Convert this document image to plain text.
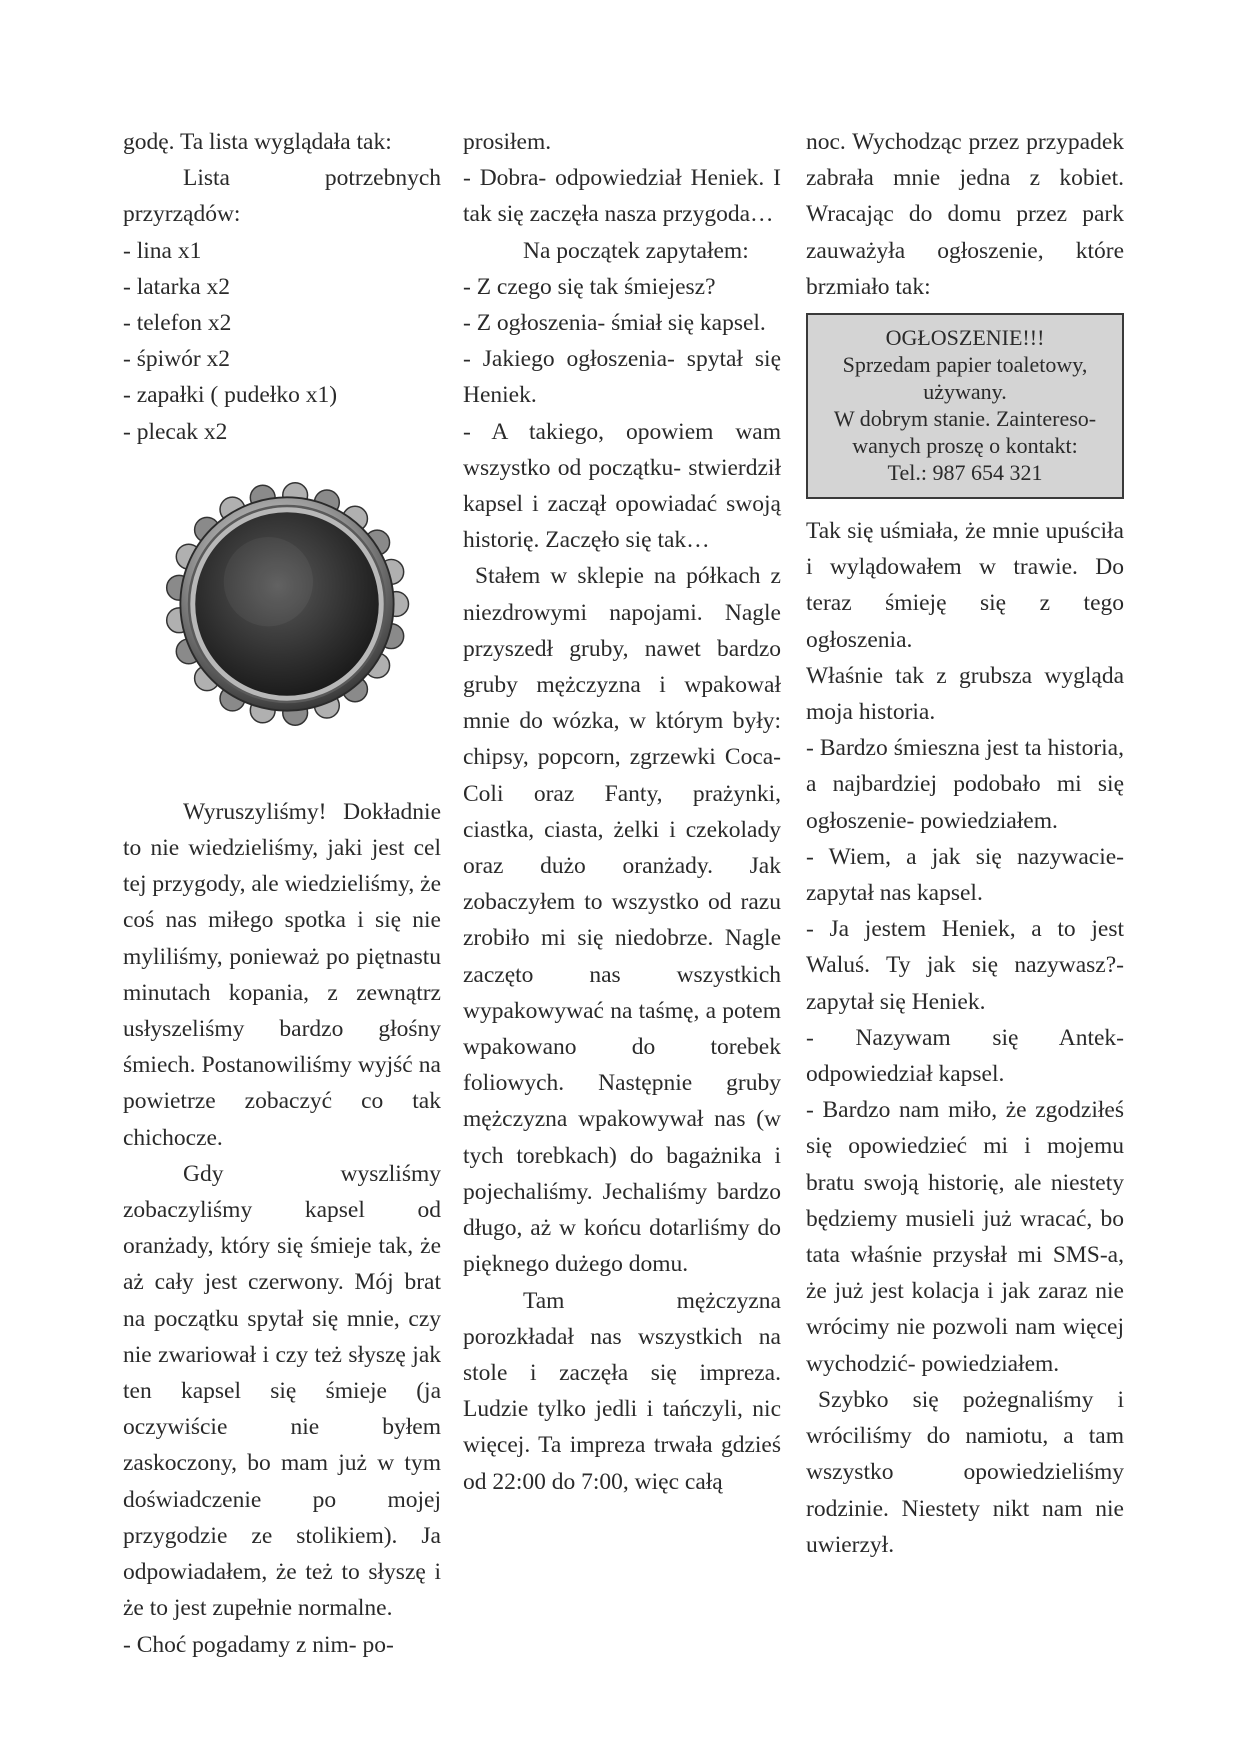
godę. Ta lista wyglądała tak:

Lista potrzebnych przyrządów:

- lina x1
- latarka x2
- telefon x2
- śpiwór x2
- zapałki ( pudełko x1)
- plecak x2

Wyruszyliśmy! Dokładnie to nie wiedzieliśmy, jaki jest cel tej przygody, ale wiedzieliśmy, że coś nas miłego spotka i się nie myliliśmy, ponieważ po piętnastu minutach kopania, z zewnątrz usłyszeliśmy bardzo głośny śmiech. Postanowiliśmy wyjść na powietrze zobaczyć co tak chichocze.

Gdy wyszliśmy zobaczyliśmy kapsel od oranżady, który się śmieje tak, że aż cały jest czerwony. Mój brat na początku spytał się mnie, czy nie zwariował i czy też słyszę jak ten kapsel się śmieje (ja oczywiście nie byłem zaskoczony, bo mam już w tym doświadczenie po mojej przygodzie ze stolikiem). Ja odpowiadałem, że też to słyszę i że to jest zupełnie normalne.

- Choć pogadamy z nim- po-

prosiłem.

- Dobra- odpowiedział Heniek. I tak się zaczęła nasza przygoda…

Na początek zapytałem:

- Z czego się tak śmiejesz?

- Z ogłoszenia- śmiał się kapsel.

- Jakiego ogłoszenia- spytał się Heniek.

- A takiego, opowiem wam wszystko od początku- stwierdził kapsel i zaczął opowiadać swoją historię. Zaczęło się tak…

Stałem w sklepie na półkach z niezdrowymi napojami. Nagle przyszedł gruby, nawet bardzo gruby mężczyzna i wpakował mnie do wózka, w którym były: chipsy, popcorn, zgrzewki Coca-Coli oraz Fanty, prażynki, ciastka, ciasta, żelki i czekolady oraz dużo oranżady. Jak zobaczyłem to wszystko od razu zrobiło mi się niedobrze. Nagle zaczęto nas wszystkich wypakowywać na taśmę, a potem wpakowano do torebek foliowych. Następnie gruby mężczyzna wpakowywał nas (w tych torebkach) do bagażnika i pojechaliśmy. Jechaliśmy bardzo długo, aż w końcu dotarliśmy do pięknego dużego domu.

Tam mężczyzna porozkładał nas wszystkich na stole i zaczęła się impreza. Ludzie tylko jedli i tańczyli, nic więcej. Ta impreza trwała gdzieś od 22:00 do 7:00, więc całą

noc. Wychodząc przez przypadek zabrała mnie jedna z kobiet. Wracając do domu przez park zauważyła ogłoszenie, które brzmiało tak:

OGŁOSZENIE!!!
Sprzedam papier toaletowy,
używany.
W dobrym stanie. Zaintereso-
wanych proszę o kontakt:
Tel.: 987 654 321

Tak się uśmiała, że mnie upuściła i wylądowałem w trawie. Do teraz śmieję się z tego ogłoszenia.

Właśnie tak z grubsza wygląda moja historia.

- Bardzo śmieszna jest ta historia, a najbardziej podobało mi się ogłoszenie- powiedziałem.

- Wiem, a jak się nazywacie- zapytał nas kapsel.

- Ja jestem Heniek, a to jest Waluś. Ty jak się nazywasz?- zapytał się Heniek.

- Nazywam się Antek- odpowiedział kapsel.

- Bardzo nam miło, że zgodziłeś się opowiedzieć mi i mojemu bratu swoją historię, ale niestety będziemy musieli już wracać, bo tata właśnie przysłał mi SMS-a, że już jest kolacja i jak zaraz nie wrócimy nie pozwoli nam więcej wychodzić- powiedziałem.

Szybko się pożegnaliśmy i wróciliśmy do namiotu, a tam wszystko opowiedzieliśmy rodzinie. Niestety nikt nam nie uwierzył.
